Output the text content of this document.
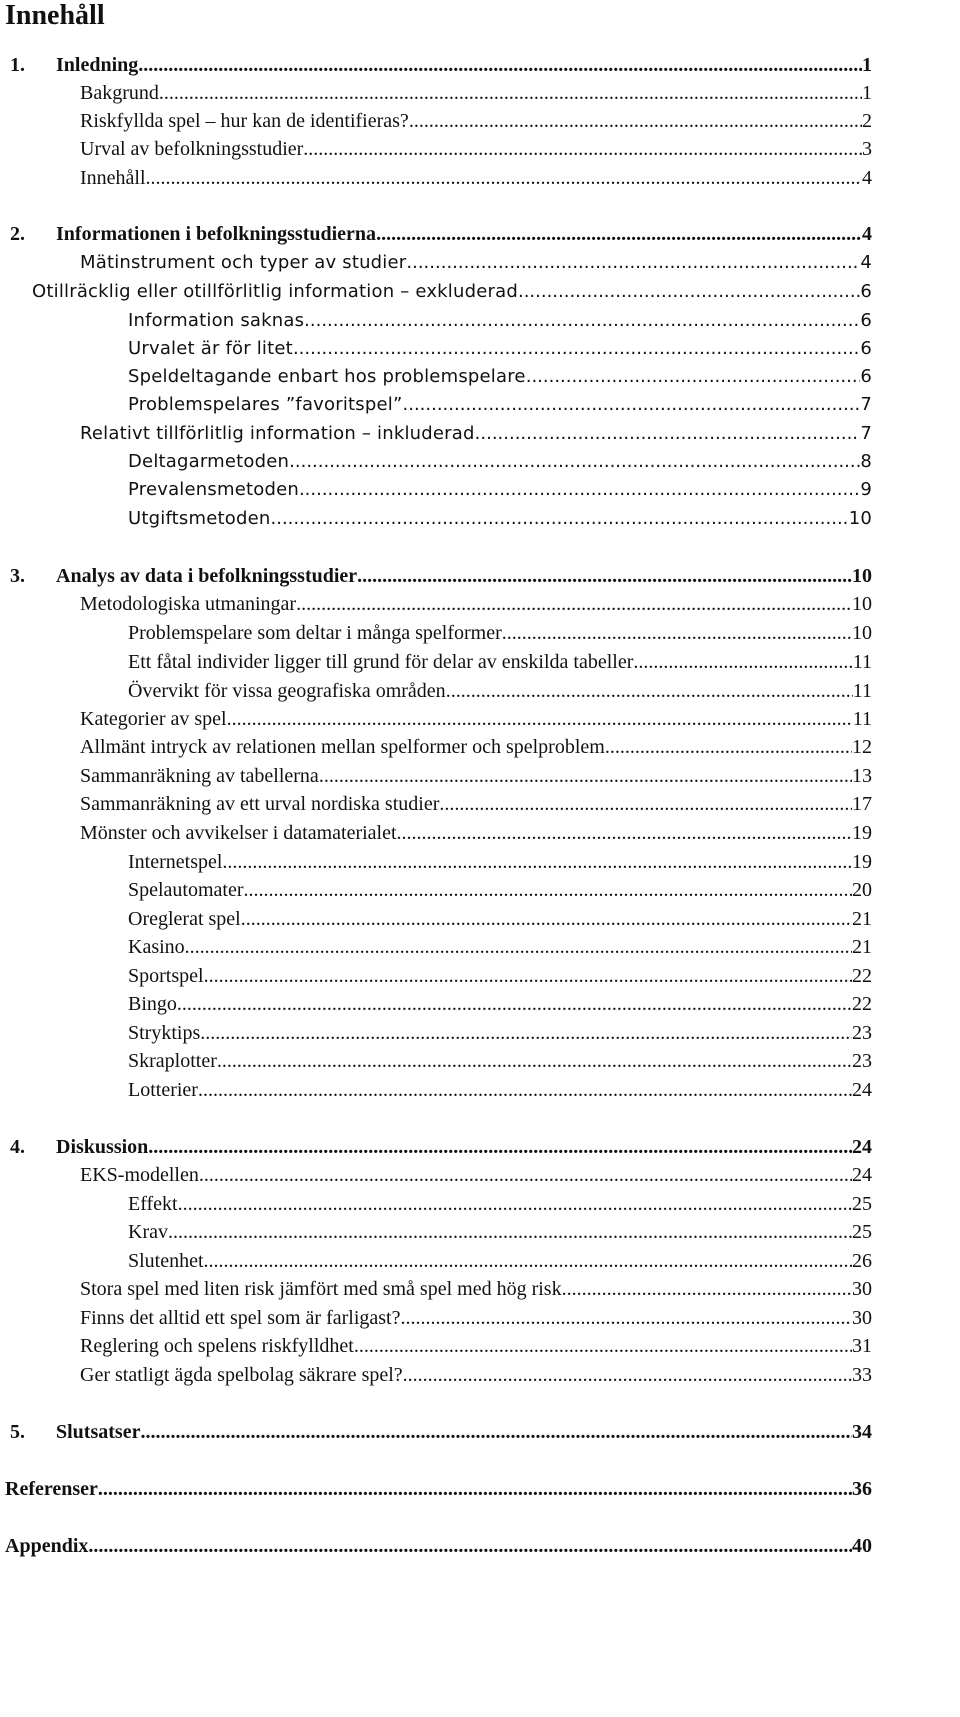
Innehåll
1.	Inledning .....	1
Bakgrund .....	1
Riskfyllda spel – hur kan de identifieras? .....	2
Urval av befolkningsstudier .....	3
Innehåll .....	4
2.	Informationen i befolkningsstudierna .....	4
Mätinstrument och typer av studier .....	4
Otillräcklig eller otillförlitlig information – exkluderad .....	6
Information saknas .....	6
Urvalet är för litet .....	6
Speldeltagande enbart hos problemspelare .....	6
Problemspelares ”favoritspel” .....	7
Relativt tillförlitlig information – inkluderad .....	7
Deltagarmetoden .....	8
Prevalensmetoden .....	9
Utgiftsmetoden .....	10
3.	Analys av data i befolkningsstudier .....	10
Metodologiska utmaningar .....	10
Problemspelare som deltar i många spelformer .....	10
Ett fåtal individer ligger till grund för delar av enskilda tabeller .....	11
Övervikt för vissa geografiska områden .....	11
Kategorier av spel .....	11
Allmänt intryck av relationen mellan spelformer och spelproblem .....	12
Sammanräkning av tabellerna .....	13
Sammanräkning av ett urval nordiska studier .....	17
Mönster och avvikelser i datamaterialet .....	19
Internetspel .....	19
Spelautomater .....	20
Oreglerat spel .....	21
Kasino .....	21
Sportspel .....	22
Bingo .....	22
Stryktips .....	23
Skraplotter .....	23
Lotterier .....	24
4.	Diskussion .....	24
EKS-modellen .....	24
Effekt .....	25
Krav .....	25
Slutenhet .....	26
Stora spel med liten risk jämfört med små spel med hög risk .....	30
Finns det alltid ett spel som är farligast? .....	30
Reglering och spelens riskfylldhet .....	31
Ger statligt ägda spelbolag säkrare spel? .....	33
5.	Slutsatser .....	34
Referenser .....	36
Appendix .....	40
